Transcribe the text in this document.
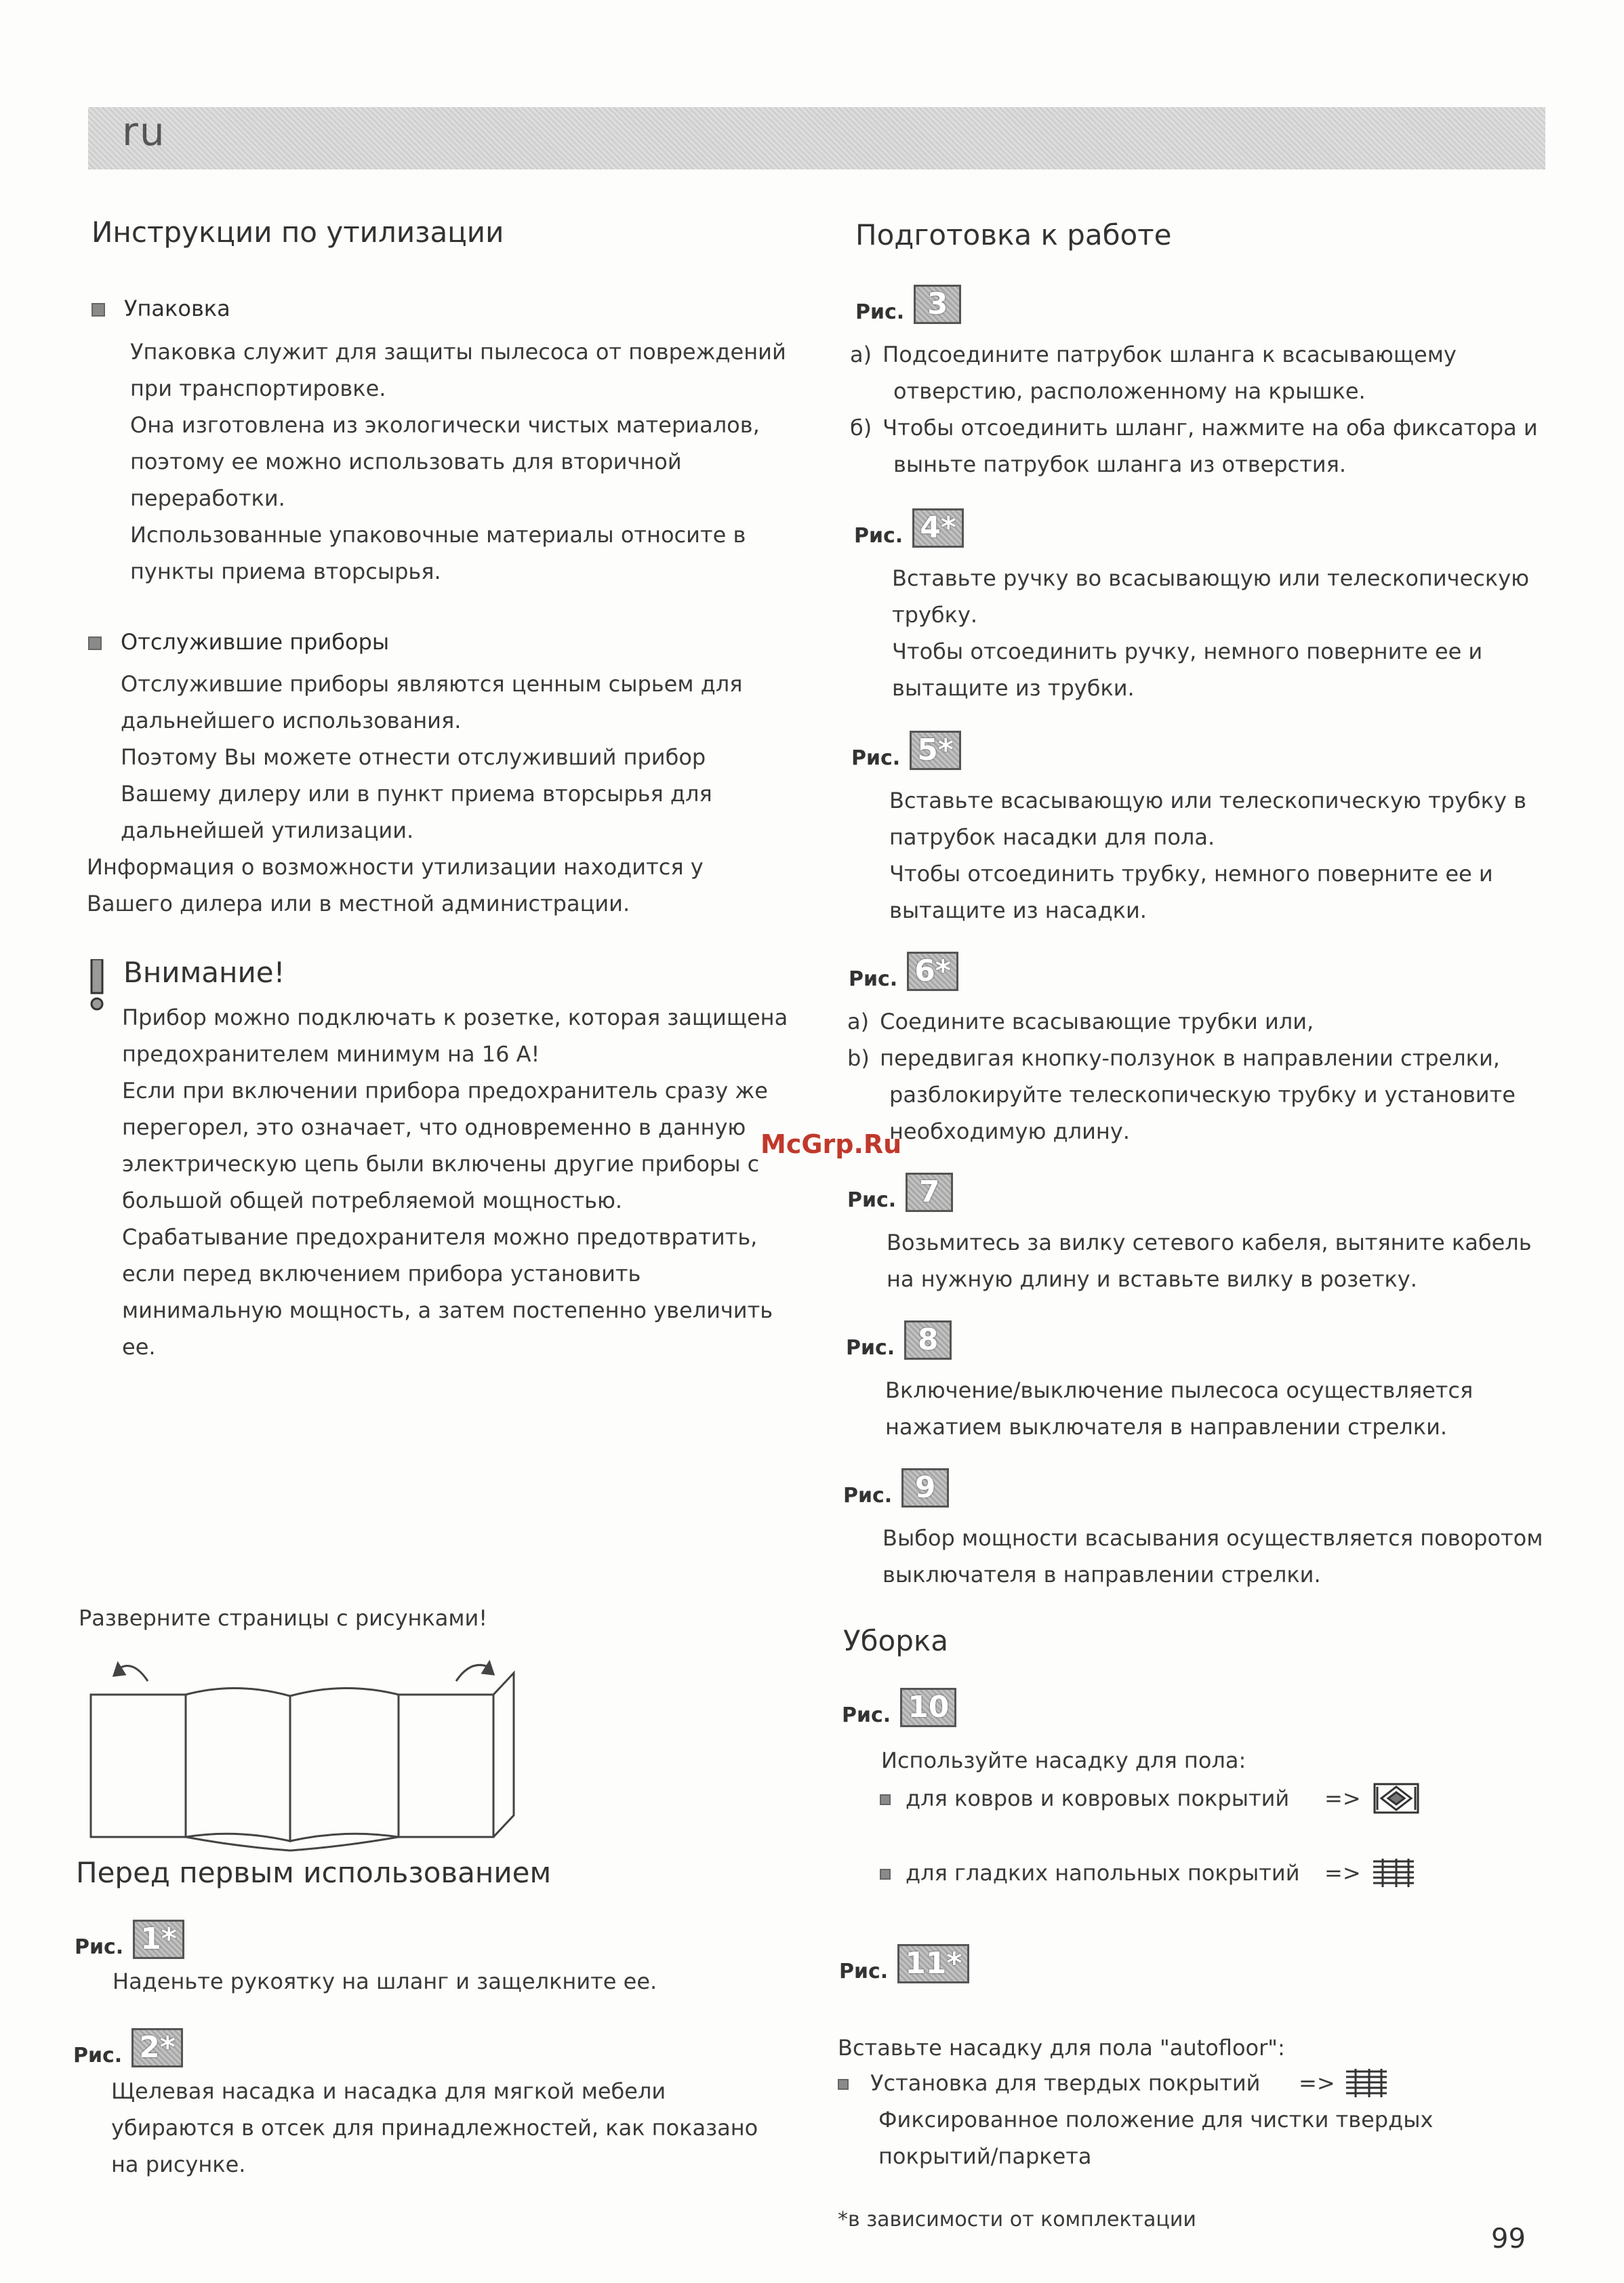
ru
Инструкции по утилизации
Упаковка
Упаковка служит для защиты пылесоса от повреждений
при транспортировке.
Она изготовлена из экологически чистых материалов,
поэтому ее можно использовать для вторичной
переработки.
Использованные упаковочные материалы относите в
пункты приема вторсырья.
Отслужившие приборы
Отслужившие приборы являются ценным сырьем для
дальнейшего использования.
Поэтому Вы можете отнести отслуживший прибор
Вашему дилеру или в пункт приема вторсырья для
дальнейшей утилизации.
Информация о возможности утилизации находится у
Вашего дилера или в местной администрации.
Внимание!
Прибор можно подключать к розетке, которая защищена
предохранителем минимум на 16 А!
Если при включении прибора предохранитель сразу же
перегорел, это означает, что одновременно в данную
электрическую цепь были включены другие приборы с
большой общей потребляемой мощностью.
Срабатывание предохранителя можно предотвратить,
если перед включением прибора установить
минимальную мощность, а затем постепенно увеличить
ее.
Разверните страницы с рисунками!
Перед первым использованием
Рис. 1*
Наденьте рукоятку на шланг и защелкните ее.
Рис. 2*
Щелевая насадка и насадка для мягкой мебели
убираются в отсек для принадлежностей, как показано
на рисунке.
McGrp.Ru
Подготовка к работе
Рис. 3
a) Подсоедините патрубок шланга к всасывающему
отверстию, расположенному на крышке.
б) Чтобы отсоединить шланг, нажмите на оба фиксатора и
выньте патрубок шланга из отверстия.
Рис. 4*
Вставьте ручку во всасывающую или телескопическую
трубку.
Чтобы отсоединить ручку, немного поверните ее и
вытащите из трубки.
Рис. 5*
Вставьте всасывающую или телескопическую трубку в
патрубок насадки для пола.
Чтобы отсоединить трубку, немного поверните ее и
вытащите из насадки.
Рис. 6*
a) Соедините всасывающие трубки или,
b) передвигая кнопку-ползунок в направлении стрелки,
разблокируйте телескопическую трубку и установите
необходимую длину.
Рис. 7
Возьмитесь за вилку сетевого кабеля, вытяните кабель
на нужную длину и вставьте вилку в розетку.
Рис. 8
Включение/выключение пылесоса осуществляется
нажатием выключателя в направлении стрелки.
Рис. 9
Выбор мощности всасывания осуществляется поворотом
выключателя в направлении стрелки.
Уборка
Рис. 10
Используйте насадку для пола:
для ковров и ковровых покрытий =>
для гладких напольных покрытий =>
Рис. 11*
Вставьте насадку для пола "autofloor":
Установка для твердых покрытий =>
Фиксированное положение для чистки твердых
покрытий/паркета
*в зависимости от комплектации
99
